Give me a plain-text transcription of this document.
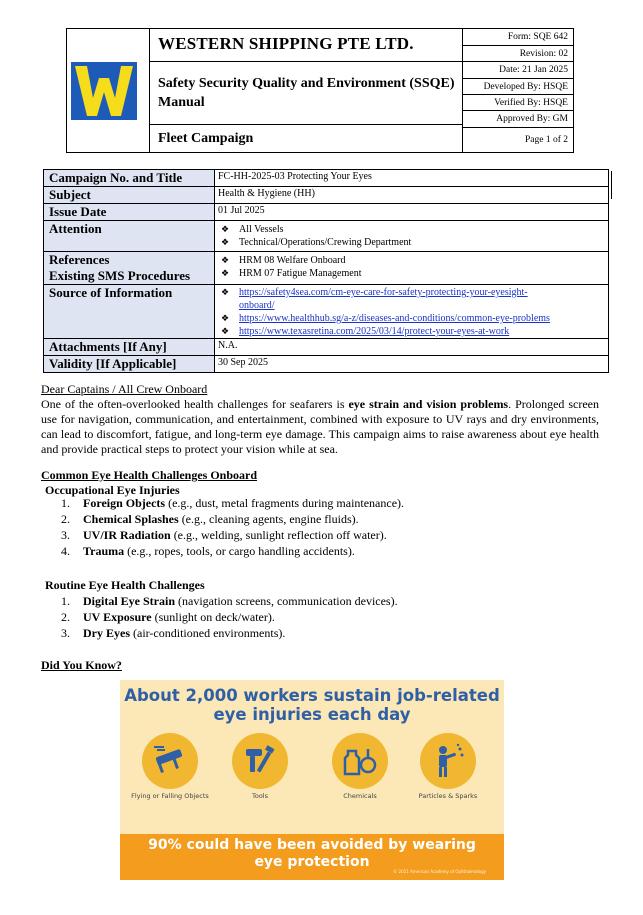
WESTERN SHIPPING PTE LTD.
Safety Security Quality and Environment (SSQE) Manual
Fleet Campaign
Form: SQE 642
Revision: 02
Date: 21 Jan 2025
Developed By: HSQE
Verified By: HSQE
Approved By: GM
Page 1 of 2
Campaign No. and Title	FC-HH-2025-03 Protecting Your Eyes
Subject	Health & Hygiene (HH)
Issue Date	01 Jul 2025
Attention	❖ All Vessels
❖ Technical/Operations/Crewing Department

References
Existing SMS Procedures	❖ HRM 08 Welfare Onboard
❖ HRM 07 Fatigue Management

Source of Information	❖ https://safety4sea.com/cm-eye-care-for-safety-protecting-your-eyesight-
onboard/
❖ https://www.healthhub.sg/a-z/diseases-and-conditions/common-eye-problems
❖ https://www.texasretina.com/2025/03/14/protect-your-eyes-at-work

Attachments [If Any]	N.A.
Validity [If Applicable]	30 Sep 2025
Dear Captains / All Crew Onboard
One of the often-overlooked health challenges for seafarers is eye strain and vision problems. Prolonged screen use for navigation, communication, and entertainment, combined with exposure to UV rays and dry environments, can lead to discomfort, fatigue, and long-term eye damage. This campaign aims to raise awareness about eye health and provide practical steps to protect your vision while at sea.
Common Eye Health Challenges Onboard
Occupational Eye Injuries
1. Foreign Objects (e.g., dust, metal fragments during maintenance).
2. Chemical Splashes (e.g., cleaning agents, engine fluids).
3. UV/IR Radiation (e.g., welding, sunlight reflection off water).
4. Trauma (e.g., ropes, tools, or cargo handling accidents).
Routine Eye Health Challenges
1. Digital Eye Strain (navigation screens, communication devices).
2. UV Exposure (sunlight on deck/water).
3. Dry Eyes (air-conditioned environments).
Did You Know?
About 2,000 workers sustain job-related
eye injuries each day
Flying or Falling Objects	Tools	Chemicals	Particles & Sparks
90% could have been avoided by wearing
eye protection
© 2021 American Academy of Ophthalmology
